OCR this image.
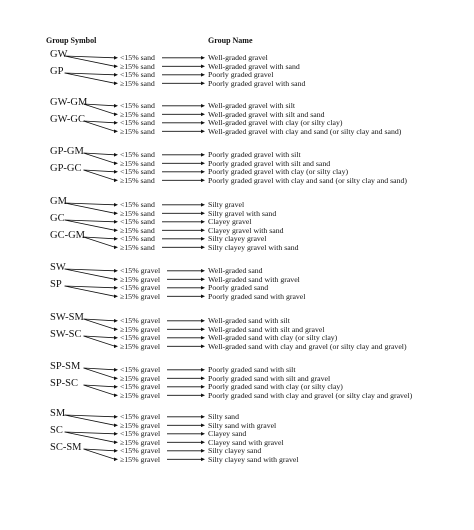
Group Symbol	Group Name
GW	<15% sand	Well-graded gravel
≥15% sand	Well-graded gravel with sand
GP	<15% sand	Poorly graded gravel
≥15% sand	Poorly graded gravel with sand
GW-GM	<15% sand	Well-graded gravel with silt
≥15% sand	Well-graded gravel with silt and sand
GW-GC	<15% sand	Well-graded gravel with clay (or silty clay)
≥15% sand	Well-graded gravel with clay and sand (or silty clay and sand)
GP-GM	<15% sand	Poorly graded gravel with silt
≥15% sand	Poorly graded gravel with silt and sand
GP-GC	<15% sand	Poorly graded gravel with clay (or silty clay)
≥15% sand	Poorly graded gravel with clay and sand (or silty clay and sand)
GM	<15% sand	Silty gravel
≥15% sand	Silty gravel with sand
GC	<15% sand	Clayey gravel
≥15% sand	Clayey gravel with sand
GC-GM	<15% sand	Silty clayey gravel
≥15% sand	Silty clayey gravel with sand
SW	<15% gravel	Well-graded sand
≥15% gravel	Well-graded sand with gravel
SP	<15% gravel	Poorly graded sand
≥15% gravel	Poorly graded sand with gravel
SW-SM	<15% gravel	Well-graded sand with silt
≥15% gravel	Well-graded sand with silt and gravel
SW-SC	<15% gravel	Well-graded sand with clay (or silty clay)
≥15% gravel	Well-graded sand with clay and gravel (or silty clay and gravel)
SP-SM	<15% gravel	Poorly graded sand with silt
≥15% gravel	Poorly graded sand with silt and gravel
SP-SC	<15% gravel	Poorly graded sand with clay (or silty clay)
≥15% gravel	Poorly graded sand with clay and gravel (or silty clay and gravel)
SM	<15% gravel	Silty sand
≥15% gravel	Silty sand with gravel
SC	<15% gravel	Clayey sand
≥15% gravel	Clayey sand with gravel
SC-SM	<15% gravel	Silty clayey sand
≥15% gravel	Silty clayey sand with gravel
